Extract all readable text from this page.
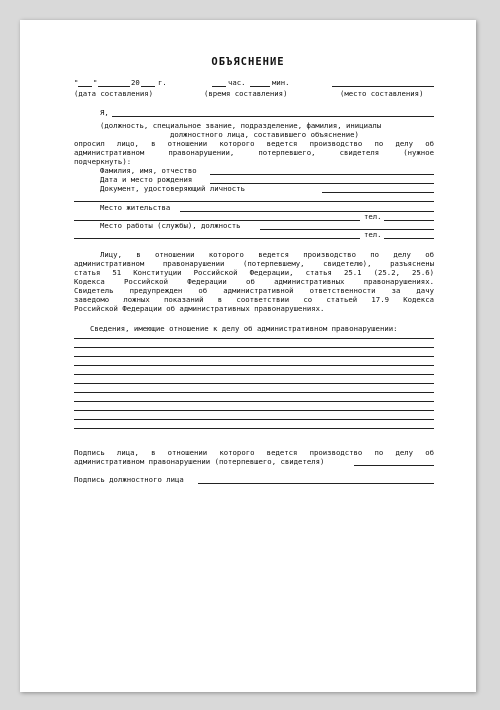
ОБЪЯСНЕНИЕ
" "	20 г.	час.	мин.
(дата составления)	(время составления)	(место составления)
Я,
(должность, специальное звание, подразделение, фамилия, инициалы
должностного лица, составившего объяснение)
опросил лицо, в отношении которого ведется производство по делу об
административном правонарушении, потерпевшего, свидетеля (нужное
подчеркнуть):
Фамилия, имя, отчество
Дата и место рождения
Документ, удостоверяющий личность
Место жительства
тел.
Место работы (службы), должность
тел.
Лицу, в отношении которого ведется производство по делу об
административном правонарушении (потерпевшему, свидетелю), разъяснены
статья 51 Конституции Российской Федерации, статья 25.1 (25.2, 25.6)
Кодекса Российской Федерации об административных правонарушениях.
Свидетель предупрежден об административной ответственности за дачу
заведомо ложных показаний в соответствии со статьей 17.9 Кодекса
Российской Федерации об административных правонарушениях.
Сведения, имеющие отношение к делу об административном правонарушении:
Подпись лица, в отношении которого ведется производство по делу об
административном правонарушении (потерпевшего, свидетеля)
Подпись должностного лица
